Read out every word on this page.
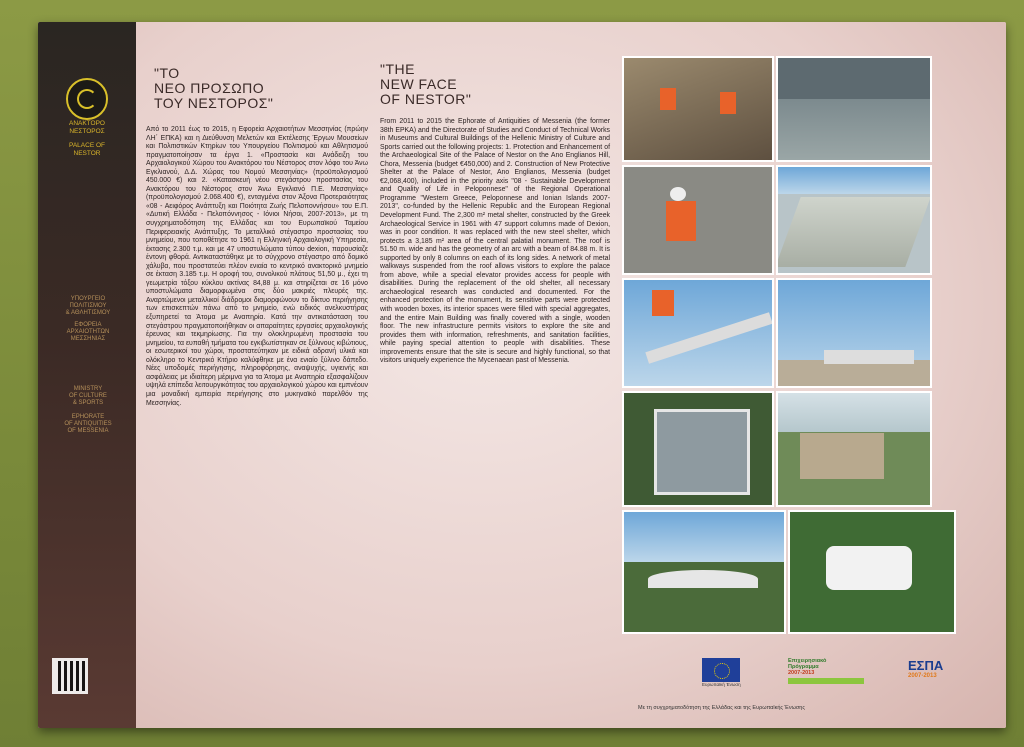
ΑΝΑΚΤΟΡΟ
ΝΕΣΤΟΡΟΣ
PALACE OF
NESTOR
ΥΠΟΥΡΓΕΙΟ
ΠΟΛΙΤΙΣΜΟΥ
& ΑΘΛΗΤΙΣΜΟΥ
ΕΦΟΡΕΙΑ
ΑΡΧΑΙΟΤΗΤΩΝ
ΜΕΣΣΗΝΙΑΣ
MINISTRY
OF CULTURE
& SPORTS
EPHORATE
OF ANTIQUITIES
OF MESSENIA
"ΤΟ
ΝΕΟ ΠΡΟΣΩΠΟ
ΤΟΥ ΝΕΣΤΟΡΟΣ"

Από το 2011 έως το 2015, η Εφορεία Αρχαιοτήτων Μεσσηνίας (πρώην ΛΗ΄ ΕΠΚΑ) και η Διεύθυνση Μελετών και Εκτέλεσης Έργων Μουσείων και Πολιτιστικών Κτηρίων του Υπουργείου Πολιτισμού και Αθλητισμού πραγματοποίησαν τα έργα 1. «Προστασία και Ανάδειξη του Αρχαιολογικού Χώρου του Ανακτόρου του Νέστορος στον λόφο του Άνω Εγκλιανού, Δ.Δ. Χώρας του Νομού Μεσσηνίας» (προϋπολογισμού 450.000 €) και 2. «Κατασκευή νέου στεγάστρου προστασίας του Ανακτόρου του Νέστορος στον Άνω Εγκλιανό Π.Ε. Μεσσηνίας» (προϋπολογισμού 2.068.400 €), ενταγμένα στον Άξονα Προτεραιότητας «08 - Αειφόρος Ανάπτυξη και Ποιότητα Ζωής Πελοποννήσου» του Ε.Π. «Δυτική Ελλάδα - Πελοπόννησος - Ιόνιοι Νήσοι, 2007-2013», με τη συγχρηματοδότηση της Ελλάδας και του Ευρωπαϊκού Ταμείου Περιφερειακής Ανάπτυξης. Το μεταλλικό στέγαστρο προστασίας του μνημείου, που τοποθέτησε το 1961 η Ελληνική Αρχαιολογική Υπηρεσία, έκτασης 2.300 τ.μ. και με 47 υποστυλώματα τύπου dexion, παρουσίαζε έντονη φθορά. Αντικαταστάθηκε με το σύγχρονο στέγαστρο από δομικό χάλυβα, που προστατεύει πλέον ενιαία το κεντρικό ανακτορικό μνημείο σε έκταση 3.185 τ.μ. Η οροφή του, συνολικού πλάτους 51,50 μ., έχει τη γεωμετρία τόξου κύκλου ακτίνας 84,88 μ. και στηρίζεται σε 16 μόνο υποστυλώματα διαμορφωμένα στις δύο μακριές πλευρές της. Αναρτώμενοι μεταλλικοί διάδρομοι διαμορφώνουν το δίκτυο περιήγησης των επισκεπτών πάνω από το μνημείο, ενώ ειδικός ανελκυστήρας εξυπηρετεί τα Άτομα με Αναπηρία. Κατά την αντικατάσταση του στεγάστρου πραγματοποιήθηκαν οι απαραίτητες εργασίες αρχαιολογικής έρευνας και τεκμηρίωσης. Για την ολοκληρωμένη προστασία του μνημείου, τα ευπαθή τμήματα του εγκιβωτίστηκαν σε ξύλινους κιβώτιους, οι εσωτερικοί του χώροι, προστατεύτηκαν με ειδικά αδρανή υλικά και ολόκληρο το Κεντρικό Κτήριο καλύφθηκε με ένα ενιαίο ξύλινο δάπεδο. Νέες υποδομές περιήγησης, πληροφόρησης, αναψυχής, υγιεινής και ασφάλειας με ιδιαίτερη μέριμνα για τα Άτομα με Αναπηρία εξασφαλίζουν υψηλά επίπεδα λειτουργικότητας του αρχαιολογικού χώρου και εμπνέουν μια μοναδική εμπειρία περιήγησης στο μυκηναϊκό παρελθόν της Μεσσηνίας.

"THE
NEW FACE
OF NESTOR"

From 2011 to 2015 the Ephorate of Antiquities of Messenia (the former 38th EPKA) and the Directorate of Studies and Conduct of Technical Works in Museums and Cultural Buildings of the Hellenic Ministry of Culture and Sports carried out the following projects: 1. Protection and Enhancement of the Archaeological Site of the Palace of Nestor on the Ano Englianos Hill, Chora, Messenia (budget €450,000) and 2. Construction of New Protective Shelter at the Palace of Nestor, Ano Englianos, Messenia (budget €2,068,400), included in the priority axis "08 - Sustainable Development and Quality of Life in Peloponnese" of the Regional Operational Programme "Western Greece, Peloponnese and Ionian Islands 2007-2013", co-funded by the Hellenic Republic and the European Regional Development Fund. The 2,300 m² metal shelter, constructed by the Greek Archaeological Service in 1961 with 47 support columns made of Dexion, was in poor condition. It was replaced with the new steel shelter, which protects a 3,185 m² area of the central palatial monument. The roof is 51.50 m. wide and has the geometry of an arc with a beam of 84.88 m. It is supported by only 8 columns on each of its long sides. A network of metal walkways suspended from the roof allows visitors to explore the palace from above, while a special elevator provides access for people with disabilities. During the replacement of the old shelter, all necessary archaeological research was conducted and documented. For the enhanced protection of the monument, its sensitive parts were protected with wooden boxes, its interior spaces were filled with special aggregates, and the entire Main Building was finally covered with a single, wooden floor. The new infrastructure permits visitors to explore the site and provides them with information, refreshments, and sanitation facilities, while paying special attention to people with disabilities. These improvements ensure that the site is secure and highly functional, so that visitors uniquely experience the Mycenaean past of Messenia.

Ευρωπαϊκή Ένωση
Επιχειρησιακό
Πρόγραμμα
2007-2013	ΕΣΠΑ
2007-2013
Με τη συγχρηματοδότηση της Ελλάδας και της Ευρωπαϊκής Ένωσης
